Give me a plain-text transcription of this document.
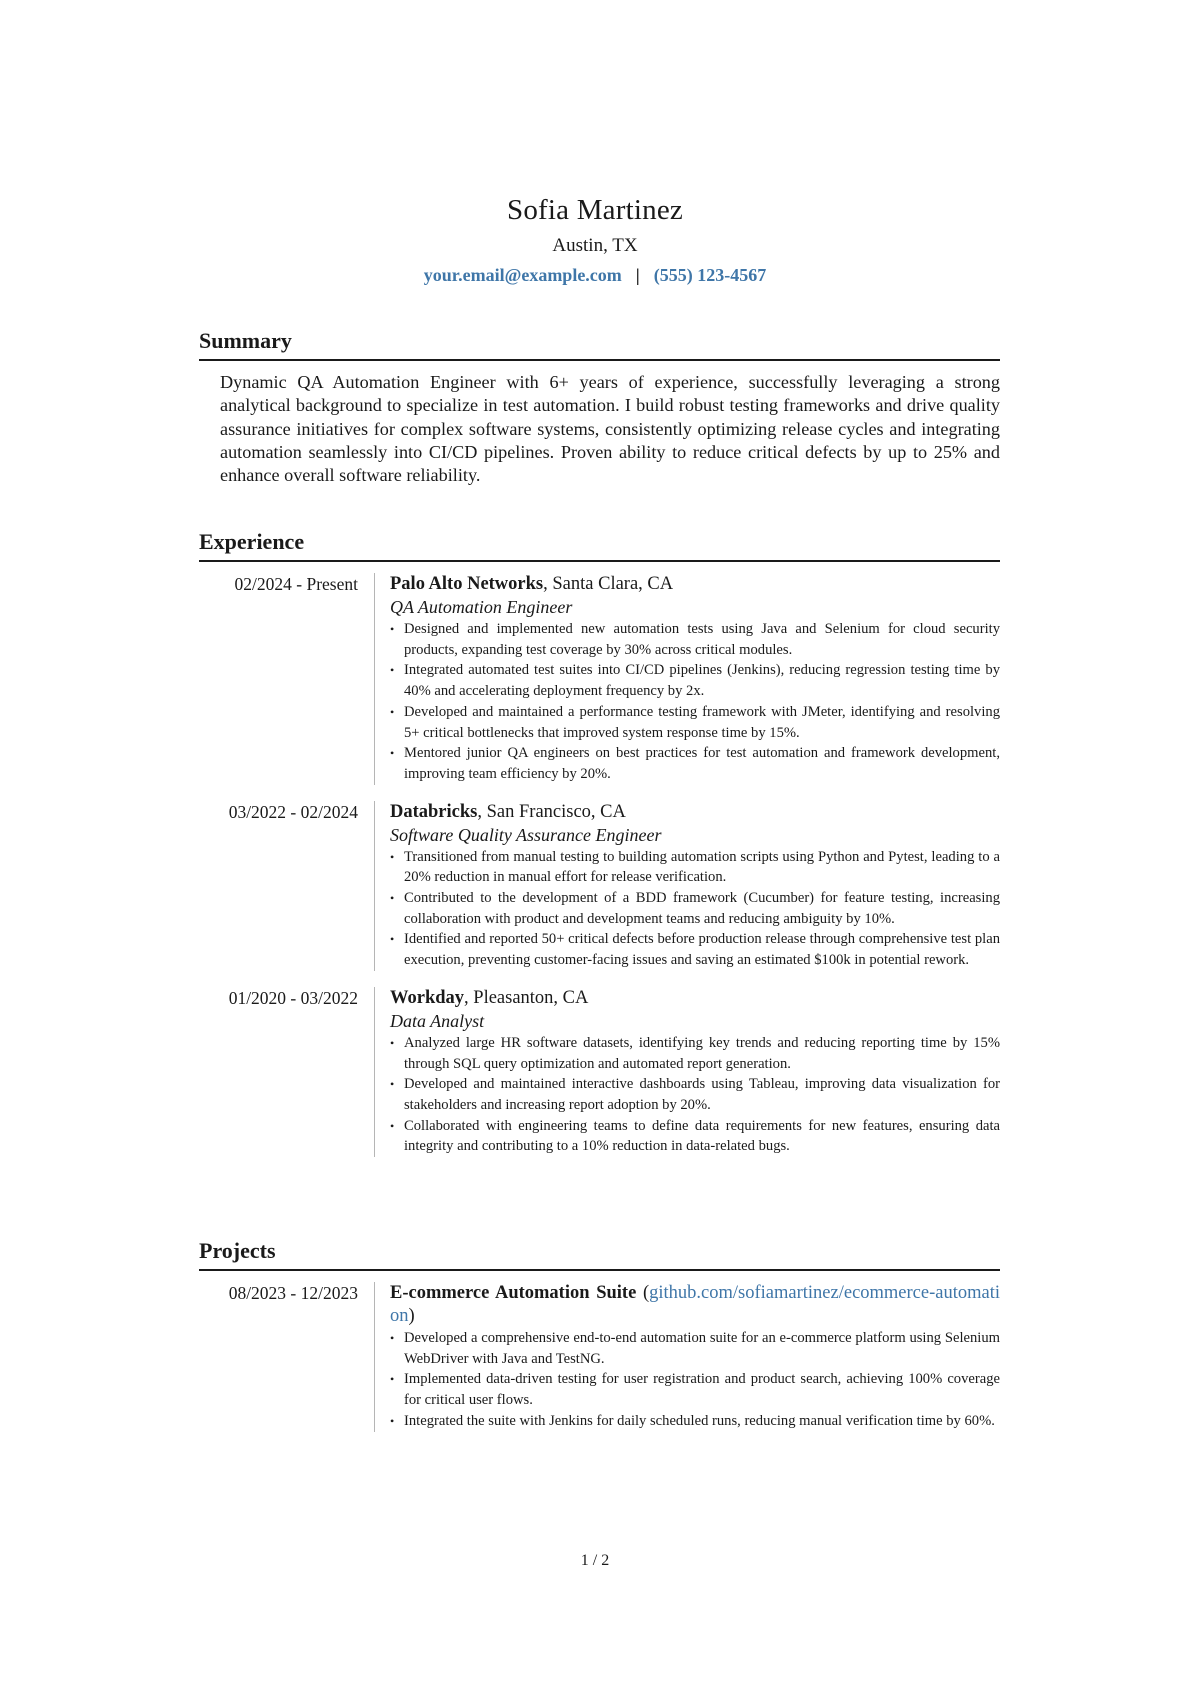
Sofia Martinez
Austin, TX
your.email@example.com | (555) 123-4567
Summary

Dynamic QA Automation Engineer with 6+ years of experience, successfully leveraging a strong analytical background to specialize in test automation. I build robust testing frameworks and drive quality assurance initiatives for complex software systems, consistently optimizing release cycles and integrating automation seamlessly into CI/CD pipelines. Proven ability to reduce critical defects by up to 25% and enhance overall software reliability.

Experience
02/2024 - Present	Palo Alto Networks, Santa Clara, CA
QA Automation Engineer
• Designed and implemented new automation tests using Java and Selenium for cloud security products, expanding test coverage by 30% across critical modules.
• Integrated automated test suites into CI/CD pipelines (Jenkins), reducing regression testing time by 40% and accelerating deployment frequency by 2x.
• Developed and maintained a performance testing framework with JMeter, identifying and resolving 5+ critical bottlenecks that improved system response time by 15%.
• Mentored junior QA engineers on best practices for test automation and framework development, improving team efficiency by 20%.
03/2022 - 02/2024	Databricks, San Francisco, CA
Software Quality Assurance Engineer
• Transitioned from manual testing to building automation scripts using Python and Pytest, leading to a 20% reduction in manual effort for release verification.
• Contributed to the development of a BDD framework (Cucumber) for feature testing, increasing collaboration with product and development teams and reducing ambiguity by 10%.
• Identified and reported 50+ critical defects before production release through comprehensive test plan execution, preventing customer-facing issues and saving an estimated $100k in potential rework.
01/2020 - 03/2022	Workday, Pleasanton, CA
Data Analyst
• Analyzed large HR software datasets, identifying key trends and reducing reporting time by 15% through SQL query optimization and automated report generation.
• Developed and maintained interactive dashboards using Tableau, improving data visualization for stakeholders and increasing report adoption by 20%.
• Collaborated with engineering teams to define data requirements for new features, ensuring data integrity and contributing to a 10% reduction in data-related bugs.
Projects
08/2023 - 12/2023	E-commerce Automation Suite (github.com/sofiamartinez/ecommerce-automation)
• Developed a comprehensive end-to-end automation suite for an e-commerce platform using Selenium WebDriver with Java and TestNG.
• Implemented data-driven testing for user registration and product search, achieving 100% coverage for critical user flows.
• Integrated the suite with Jenkins for daily scheduled runs, reducing manual verification time by 60%.
1 / 2
